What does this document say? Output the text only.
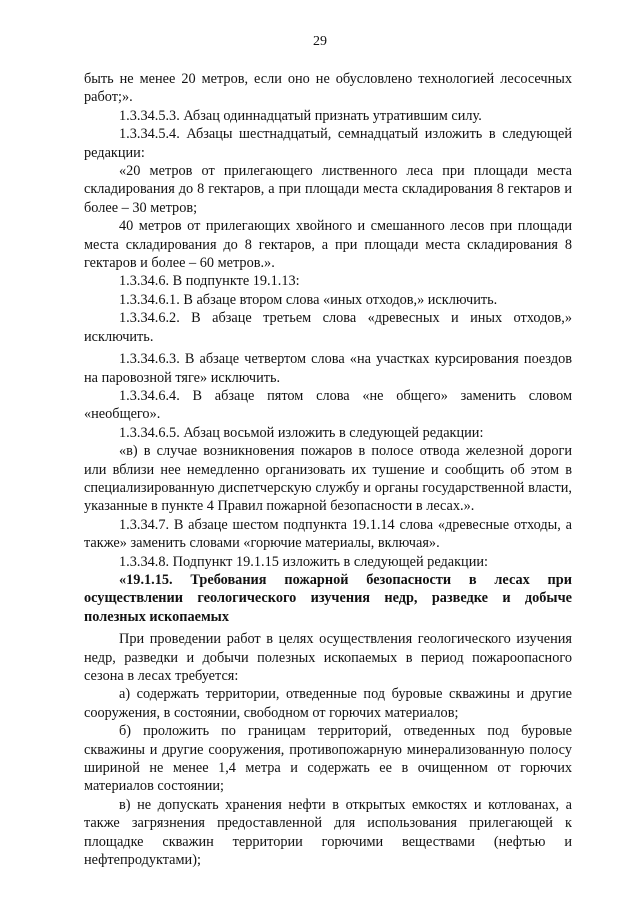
29

быть не менее 20 метров, если оно не обусловлено технологией лесосечных работ;».

1.3.34.5.3. Абзац одиннадцатый признать утратившим силу.

1.3.34.5.4. Абзацы шестнадцатый, семнадцатый изложить в следующей редакции:

«20 метров от прилегающего лиственного леса при площади места складирования до 8 гектаров, а при площади места складирования 8 гектаров и более – 30 метров;

40 метров от прилегающих хвойного и смешанного лесов при площади места складирования до 8 гектаров, а при площади места складирования 8 гектаров и более – 60 метров.».

1.3.34.6. В подпункте 19.1.13:

1.3.34.6.1. В абзаце втором слова «иных отходов,» исключить.

1.3.34.6.2. В абзаце третьем слова «древесных и иных отходов,» исключить.

1.3.34.6.3. В абзаце четвертом слова «на участках курсирования поездов на паровозной тяге» исключить.

1.3.34.6.4. В абзаце пятом слова «не общего» заменить словом «необщего».

1.3.34.6.5. Абзац восьмой изложить в следующей редакции:

«в) в случае возникновения пожаров в полосе отвода железной дороги или вблизи нее немедленно организовать их тушение и сообщить об этом в специализированную диспетчерскую службу и органы государственной власти, указанные в пункте 4 Правил пожарной безопасности в лесах.».

1.3.34.7. В абзаце шестом подпункта 19.1.14 слова «древесные отходы, а также» заменить словами «горючие материалы, включая».

1.3.34.8. Подпункт 19.1.15 изложить в следующей редакции:

«19.1.15. Требования пожарной безопасности в лесах при осуществлении геологического изучения недр, разведке и добыче полезных ископаемых

При проведении работ в целях осуществления геологического изучения недр, разведки и добычи полезных ископаемых в период пожароопасного сезона в лесах требуется:

а) содержать территории, отведенные под буровые скважины и другие сооружения, в состоянии, свободном от горючих материалов;

б) проложить по границам территорий, отведенных под буровые скважины и другие сооружения, противопожарную минерализованную полосу шириной не менее 1,4 метра и содержать ее в очищенном от горючих материалов состоянии;

в) не допускать хранения нефти в открытых емкостях и котлованах, а также загрязнения предоставленной для использования прилегающей к площадке скважин территории горючими веществами (нефтью и нефтепродуктами);
